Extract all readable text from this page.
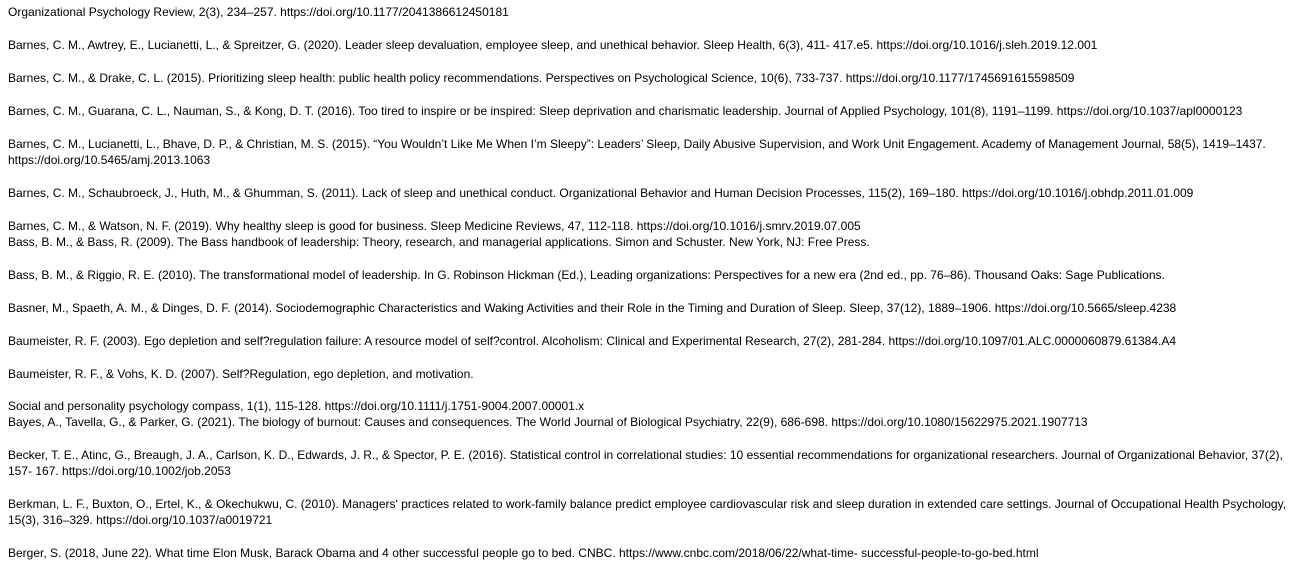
Organizational Psychology Review, 2(3), 234–257. https://doi.org/10.1177/2041386612450181
Barnes, C. M., Awtrey, E., Lucianetti, L., & Spreitzer, G. (2020). Leader sleep devaluation, employee sleep, and unethical behavior. Sleep Health, 6(3), 411- 417.e5. https://doi.org/10.1016/j.sleh.2019.12.001
Barnes, C. M., & Drake, C. L. (2015). Prioritizing sleep health: public health policy recommendations. Perspectives on Psychological Science, 10(6), 733-737. https://doi.org/10.1177/1745691615598509
Barnes, C. M., Guarana, C. L., Nauman, S., & Kong, D. T. (2016). Too tired to inspire or be inspired: Sleep deprivation and charismatic leadership. Journal of Applied Psychology, 101(8), 1191–1199. https://doi.org/10.1037/apl0000123
Barnes, C. M., Lucianetti, L., Bhave, D. P., & Christian, M. S. (2015). “You Wouldn’t Like Me When I’m Sleepy”: Leaders’ Sleep, Daily Abusive Supervision, and Work Unit Engagement. Academy of Management Journal, 58(5), 1419–1437. https://doi.org/10.5465/amj.2013.1063
Barnes, C. M., Schaubroeck, J., Huth, M., & Ghumman, S. (2011). Lack of sleep and unethical conduct. Organizational Behavior and Human Decision Processes, 115(2), 169–180. https://doi.org/10.1016/j.obhdp.2011.01.009
Barnes, C. M., & Watson, N. F. (2019). Why healthy sleep is good for business. Sleep Medicine Reviews, 47, 112-118. https://doi.org/10.1016/j.smrv.2019.07.005
Bass, B. M., & Bass, R. (2009). The Bass handbook of leadership: Theory, research, and managerial applications. Simon and Schuster. New York, NJ: Free Press.
Bass, B. M., & Riggio, R. E. (2010). The transformational model of leadership. In G. Robinson Hickman (Ed.), Leading organizations: Perspectives for a new era (2nd ed., pp. 76–86). Thousand Oaks: Sage Publications.
Basner, M., Spaeth, A. M., & Dinges, D. F. (2014). Sociodemographic Characteristics and Waking Activities and their Role in the Timing and Duration of Sleep. Sleep, 37(12), 1889–1906. https://doi.org/10.5665/sleep.4238
Baumeister, R. F. (2003). Ego depletion and self?regulation failure: A resource model of self?control. Alcoholism: Clinical and Experimental Research, 27(2), 281-284. https://doi.org/10.1097/01.ALC.0000060879.61384.A4
Baumeister, R. F., & Vohs, K. D. (2007). Self?Regulation, ego depletion, and motivation.
Social and personality psychology compass, 1(1), 115-128. https://doi.org/10.1111/j.1751-9004.2007.00001.x
Bayes, A., Tavella, G., & Parker, G. (2021). The biology of burnout: Causes and consequences. The World Journal of Biological Psychiatry, 22(9), 686-698. https://doi.org/10.1080/15622975.2021.1907713
Becker, T. E., Atinc, G., Breaugh, J. A., Carlson, K. D., Edwards, J. R., & Spector, P. E. (2016). Statistical control in correlational studies: 10 essential recommendations for organizational researchers. Journal of Organizational Behavior, 37(2), 157- 167. https://doi.org/10.1002/job.2053
Berkman, L. F., Buxton, O., Ertel, K., & Okechukwu, C. (2010). Managers' practices related to work-family balance predict employee cardiovascular risk and sleep duration in extended care settings. Journal of Occupational Health Psychology, 15(3), 316–329. https://doi.org/10.1037/a0019721
Berger, S. (2018, June 22). What time Elon Musk, Barack Obama and 4 other successful people go to bed. CNBC. https://www.cnbc.com/2018/06/22/what-time- successful-people-to-go-bed.html
